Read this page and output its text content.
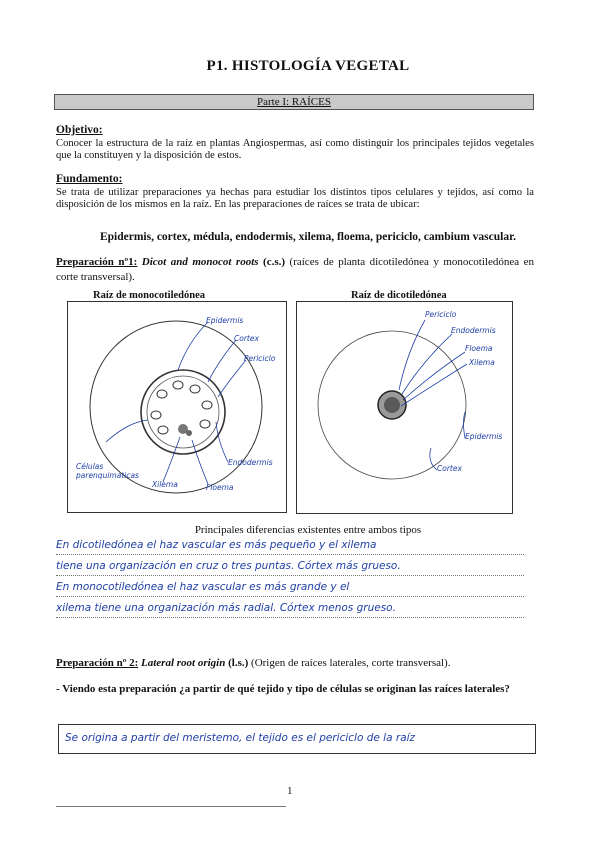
P1. HISTOLOGÍA VEGETAL
Parte I: RAÍCES
Objetivo:
Conocer la estructura de la raíz en plantas Angiospermas, así como distinguir los principales tejidos vegetales que la constituyen y la disposición de estos.
Fundamento:
Se trata de utilizar preparaciones ya hechas para estudiar los distintos tipos celulares y tejidos, así como la disposición de los mismos en la raíz. En las preparaciones de raíces se trata de ubicar:
Epidermis, cortex, médula, endodermis, xilema, floema, periciclo, cambium vascular.
Preparación nº1: Dicot and monocot roots (c.s.) (raíces de planta dicotiledónea y monocotiledónea en corte transversal).
Raíz de monocotiledónea	Raíz de dicotiledónea
Epidermis
Cortex
Periciclo
Endodermis
Células
parenquimaticas
Xilema	Floema
Periciclo
Endodermis
Floema
Xilema
Epidermis
Cortex
Principales diferencias existentes entre ambos tipos
En dicotiledónea el haz vascular es más pequeño y el xilema
tiene una organización en cruz o tres puntas. Córtex más grueso.
En monocotiledónea el haz vascular es más grande y el
xilema tiene una organización más radial. Córtex menos grueso.
Preparación nº 2: Lateral root origin (l.s.) (Origen de raíces laterales, corte transversal).
- Viendo esta preparación ¿a partir de qué tejido y tipo de células se originan las raíces laterales?
Se origina a partir del meristemo, el tejido es el periciclo de la raíz
1
